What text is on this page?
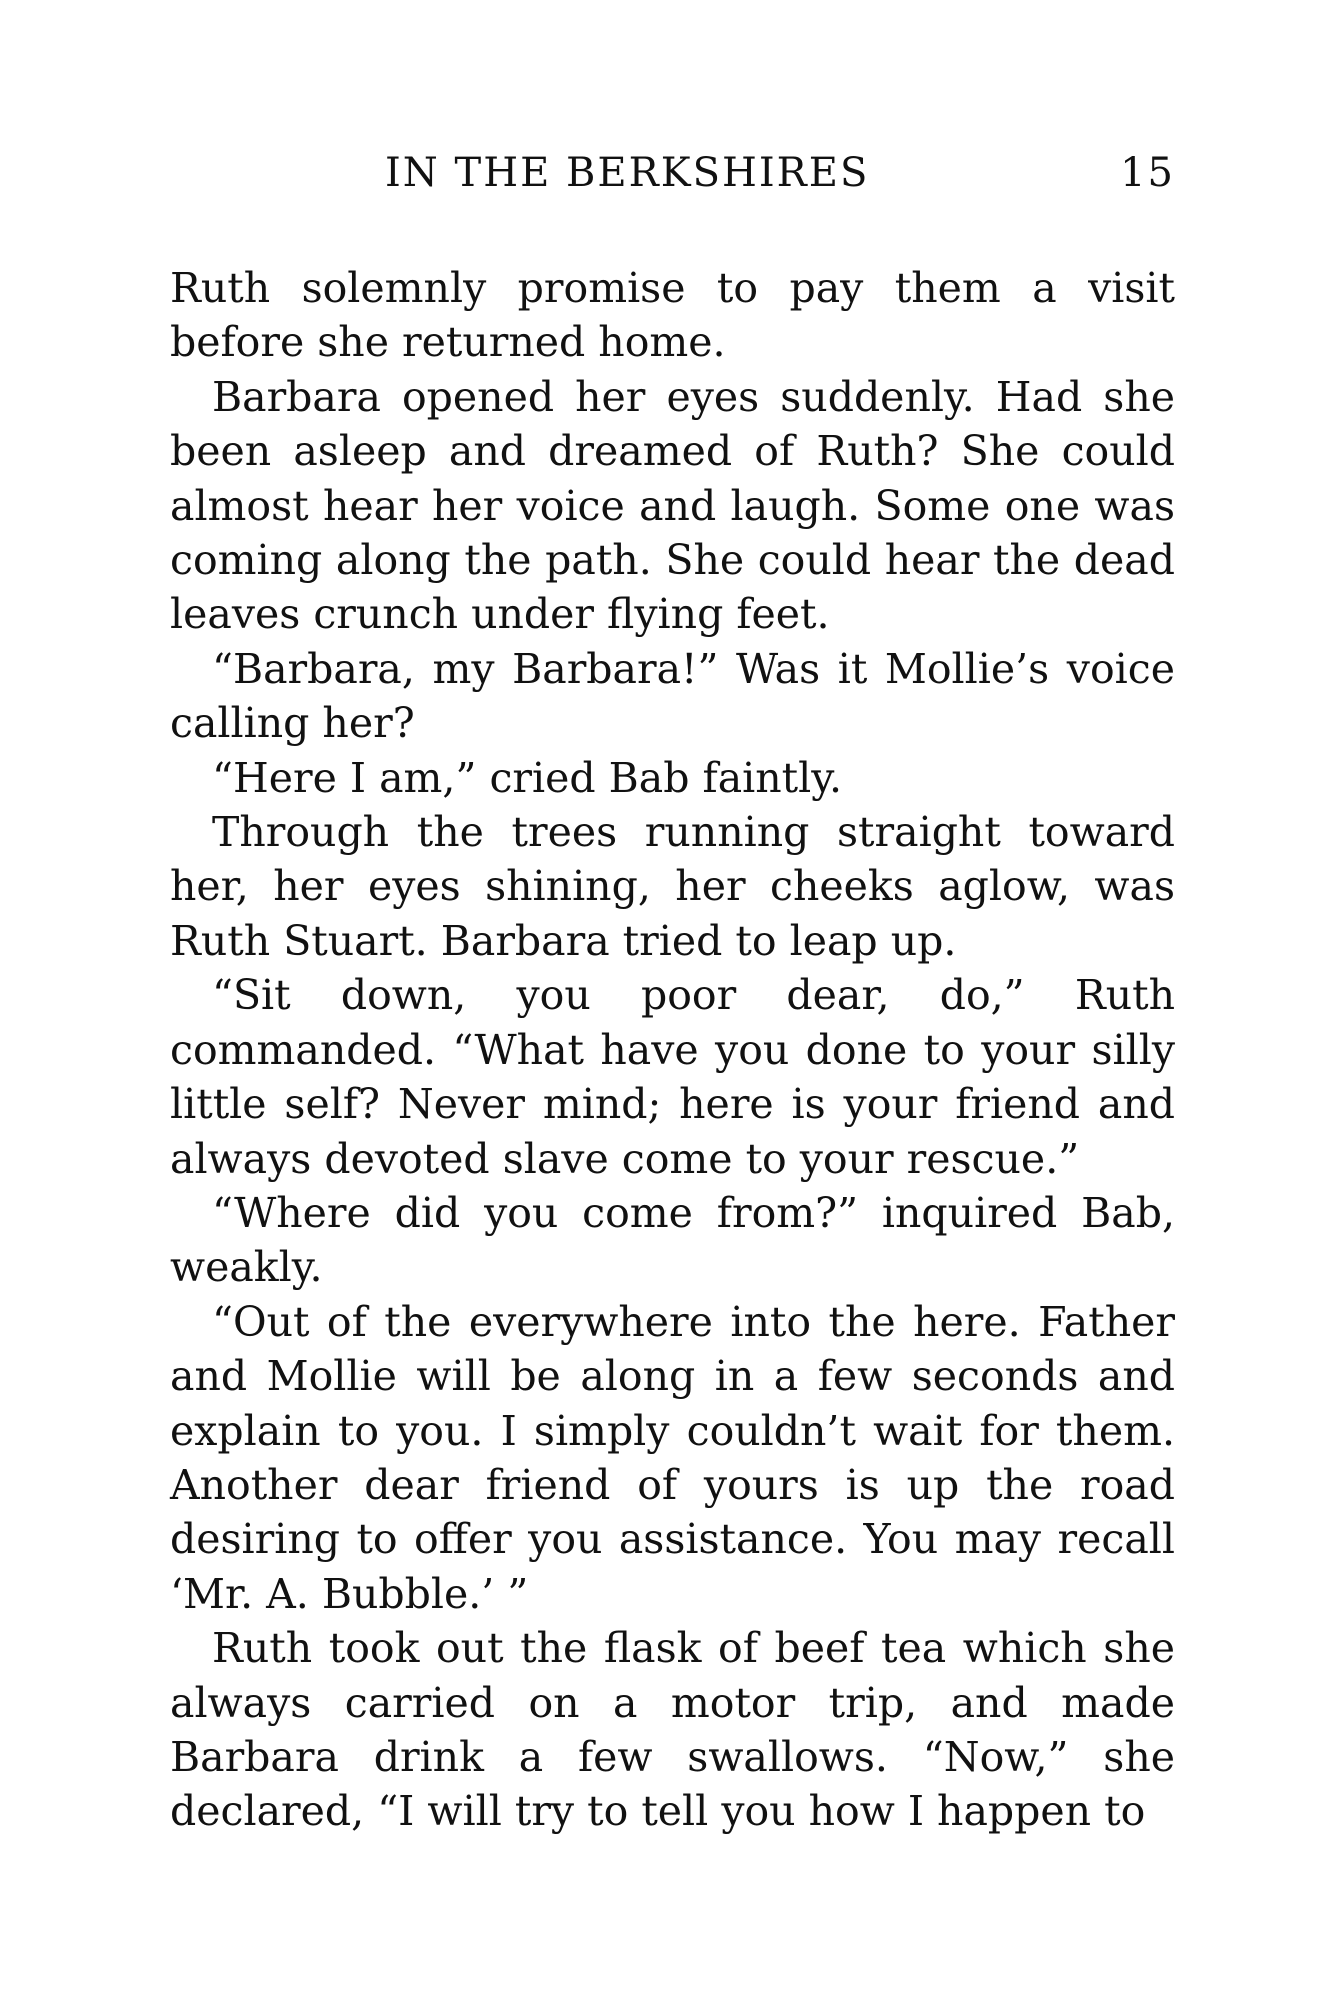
IN THE BERKSHIRES	15

Ruth solemnly promise to pay them a visit before she returned home.

Barbara opened her eyes suddenly. Had she been asleep and dreamed of Ruth? She could almost hear her voice and laugh. Some one was coming along the path. She could hear the dead leaves crunch under flying feet.

“Barbara, my Barbara!” Was it Mollie’s voice calling her?

“Here I am,” cried Bab faintly.

Through the trees running straight toward her, her eyes shining, her cheeks aglow, was Ruth Stuart. Barbara tried to leap up.

“Sit down, you poor dear, do,” Ruth commanded. “What have you done to your silly little self? Never mind; here is your friend and always devoted slave come to your rescue.”

“Where did you come from?” inquired Bab, weakly.

“Out of the everywhere into the here. Father and Mollie will be along in a few seconds and explain to you. I simply couldn’t wait for them. Another dear friend of yours is up the road desiring to offer you assistance. You may recall ‘Mr. A. Bubble.’ ”

Ruth took out the flask of beef tea which she always carried on a motor trip, and made Barbara drink a few swallows. “Now,” she declared, “I will try to tell you how I happen to
